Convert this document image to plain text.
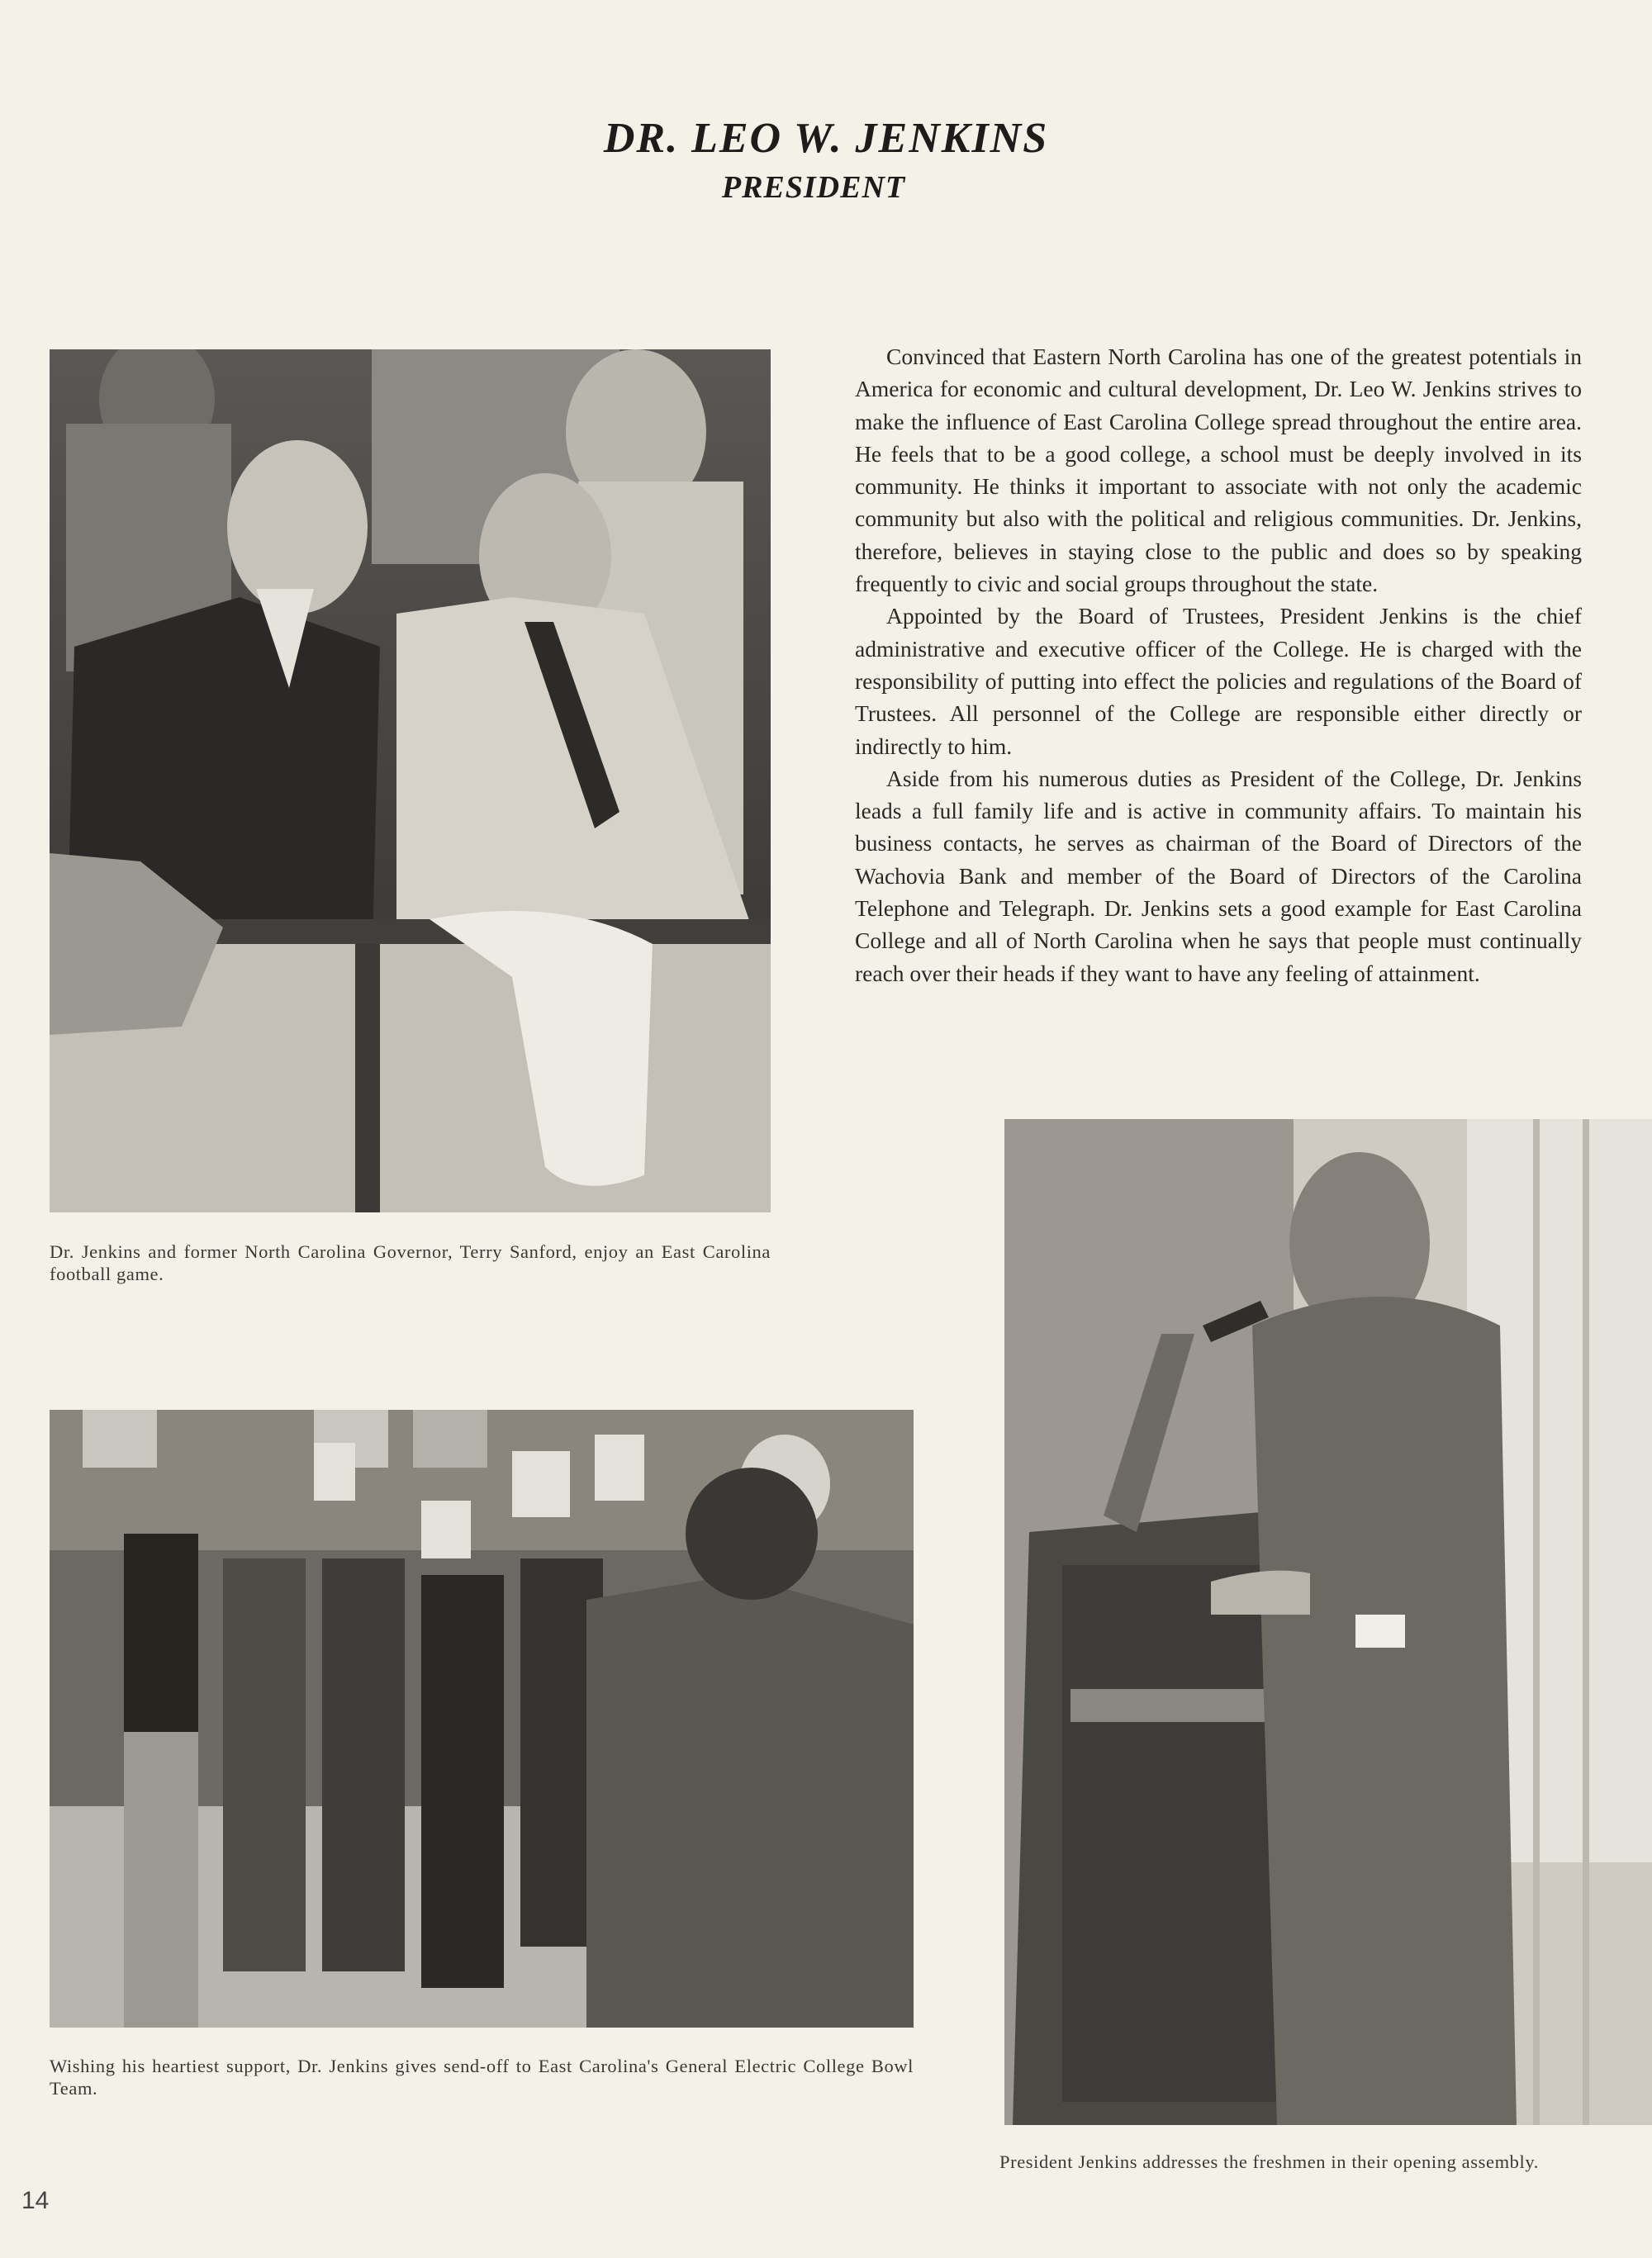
DR. LEO W. JENKINS
PRESIDENT
Dr. Jenkins and former North Carolina Governor, Terry Sanford, enjoy an East Carolina football game.
Wishing his heartiest support, Dr. Jenkins gives send-off to East Carolina's General Electric College Bowl Team.
President Jenkins addresses the freshmen in their opening assembly.

Convinced that Eastern North Carolina has one of the greatest potentials in America for economic and cultural development, Dr. Leo W. Jenkins strives to make the influence of East Carolina College spread throughout the entire area. He feels that to be a good college, a school must be deeply involved in its community. He thinks it important to associate with not only the academic community but also with the political and religious communities. Dr. Jenkins, therefore, believes in staying close to the public and does so by speaking frequently to civic and social groups throughout the state.

Appointed by the Board of Trustees, President Jenkins is the chief administrative and executive officer of the College. He is charged with the responsibility of putting into effect the policies and regulations of the Board of Trustees. All personnel of the College are responsible either directly or indirectly to him.

Aside from his numerous duties as President of the College, Dr. Jenkins leads a full family life and is active in community affairs. To maintain his business contacts, he serves as chairman of the Board of Directors of the Wachovia Bank and member of the Board of Directors of the Carolina Telephone and Telegraph. Dr. Jenkins sets a good example for East Carolina College and all of North Carolina when he says that people must continually reach over their heads if they want to have any feeling of attainment.

14
